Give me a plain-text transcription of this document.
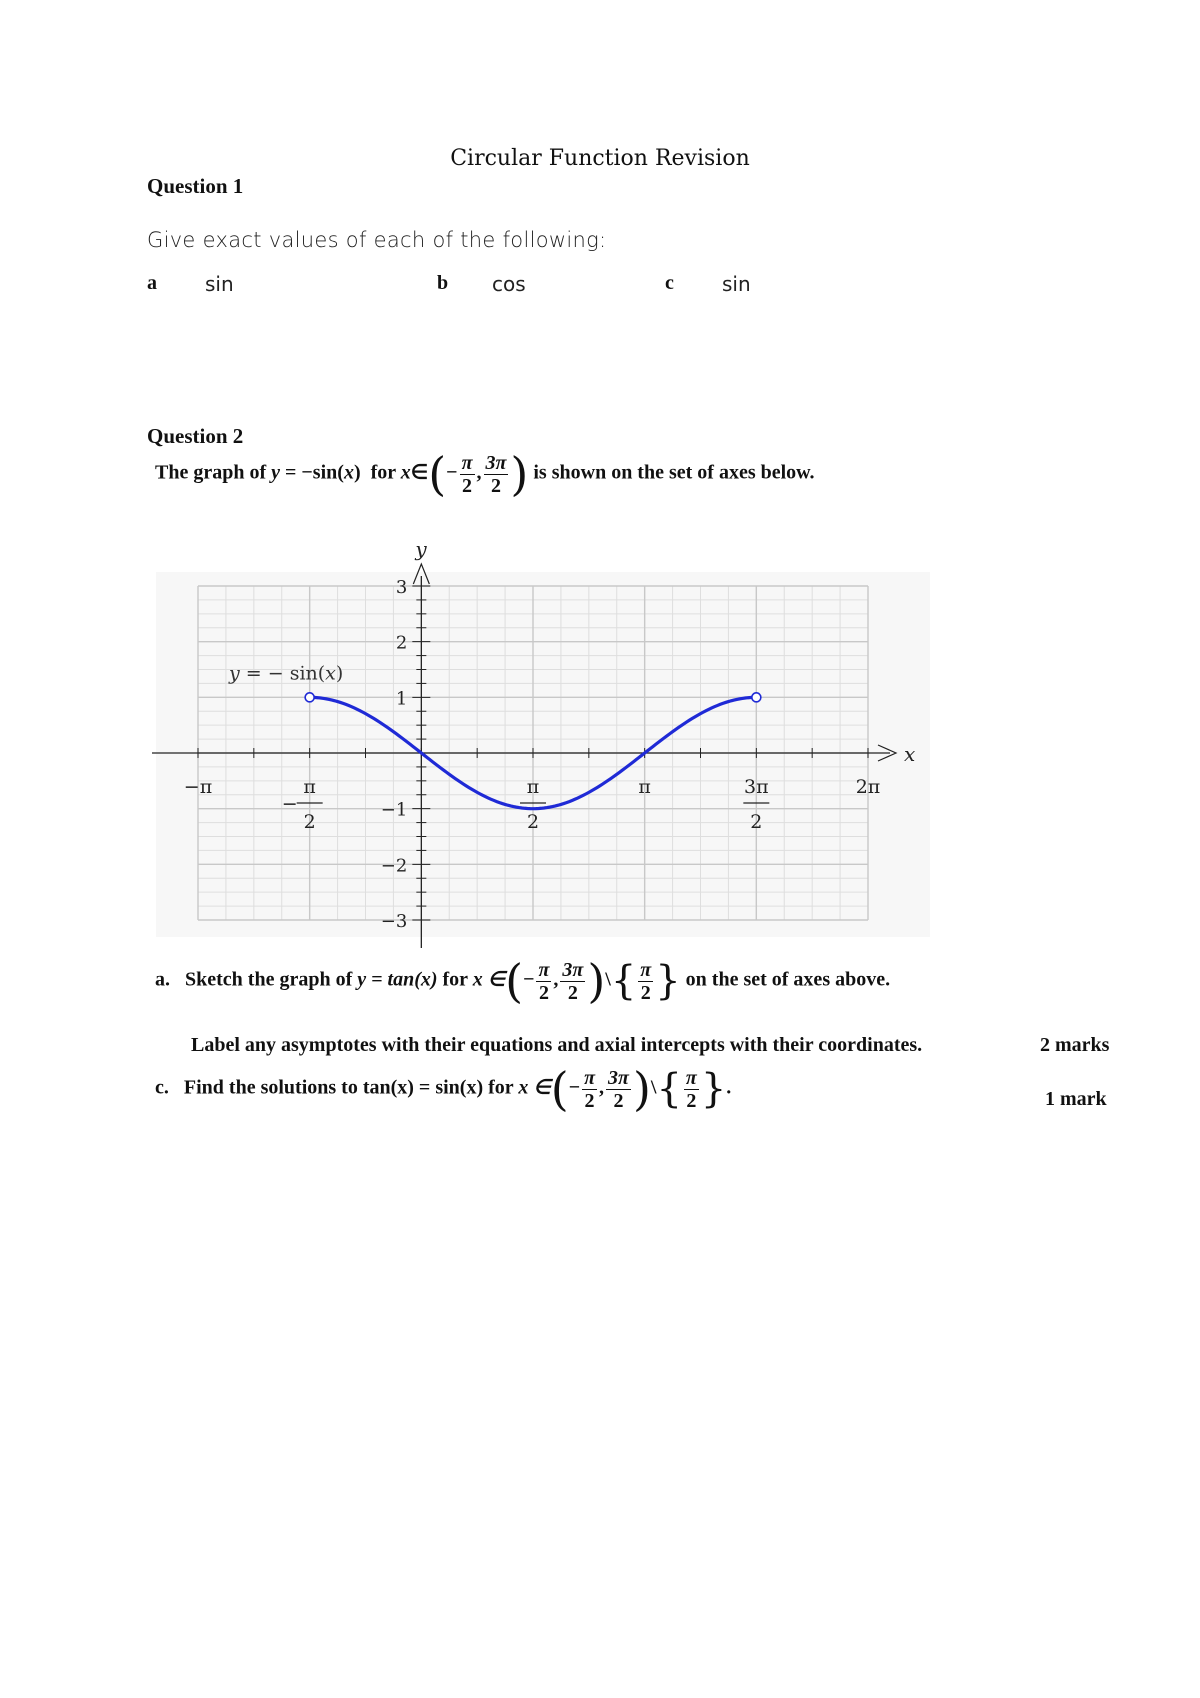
Circular Function Revision
Question 1
Give exact values of each of the following:
a sin	b cos	c sin
Question 2
The graph of y = −sin(x) for x∈(− $\frac{\pi}{2}$ , $\frac{3\pi}{2}$ ) is shown on the set of axes below.
x
y
3
2
1
−1
−2
−3
−π	π
2
−
π
2
π	3π
2
2π
y = − sin(x)
a. Sketch the graph of y = tan(x) for x ∈(− $\frac{\pi}{2}$ , $\frac{3\pi}{2}$ )\{ $\frac{\pi}{2}$ } on the set of axes above.
Label any asymptotes with their equations and axial intercepts with their coordinates.	2 marks
c. Find the solutions to tan(x) = sin(x) for x ∈(− $\frac{\pi}{2}$ , $\frac{3\pi}{2}$ )\{ $\frac{\pi}{2}$ }.
1 mark
